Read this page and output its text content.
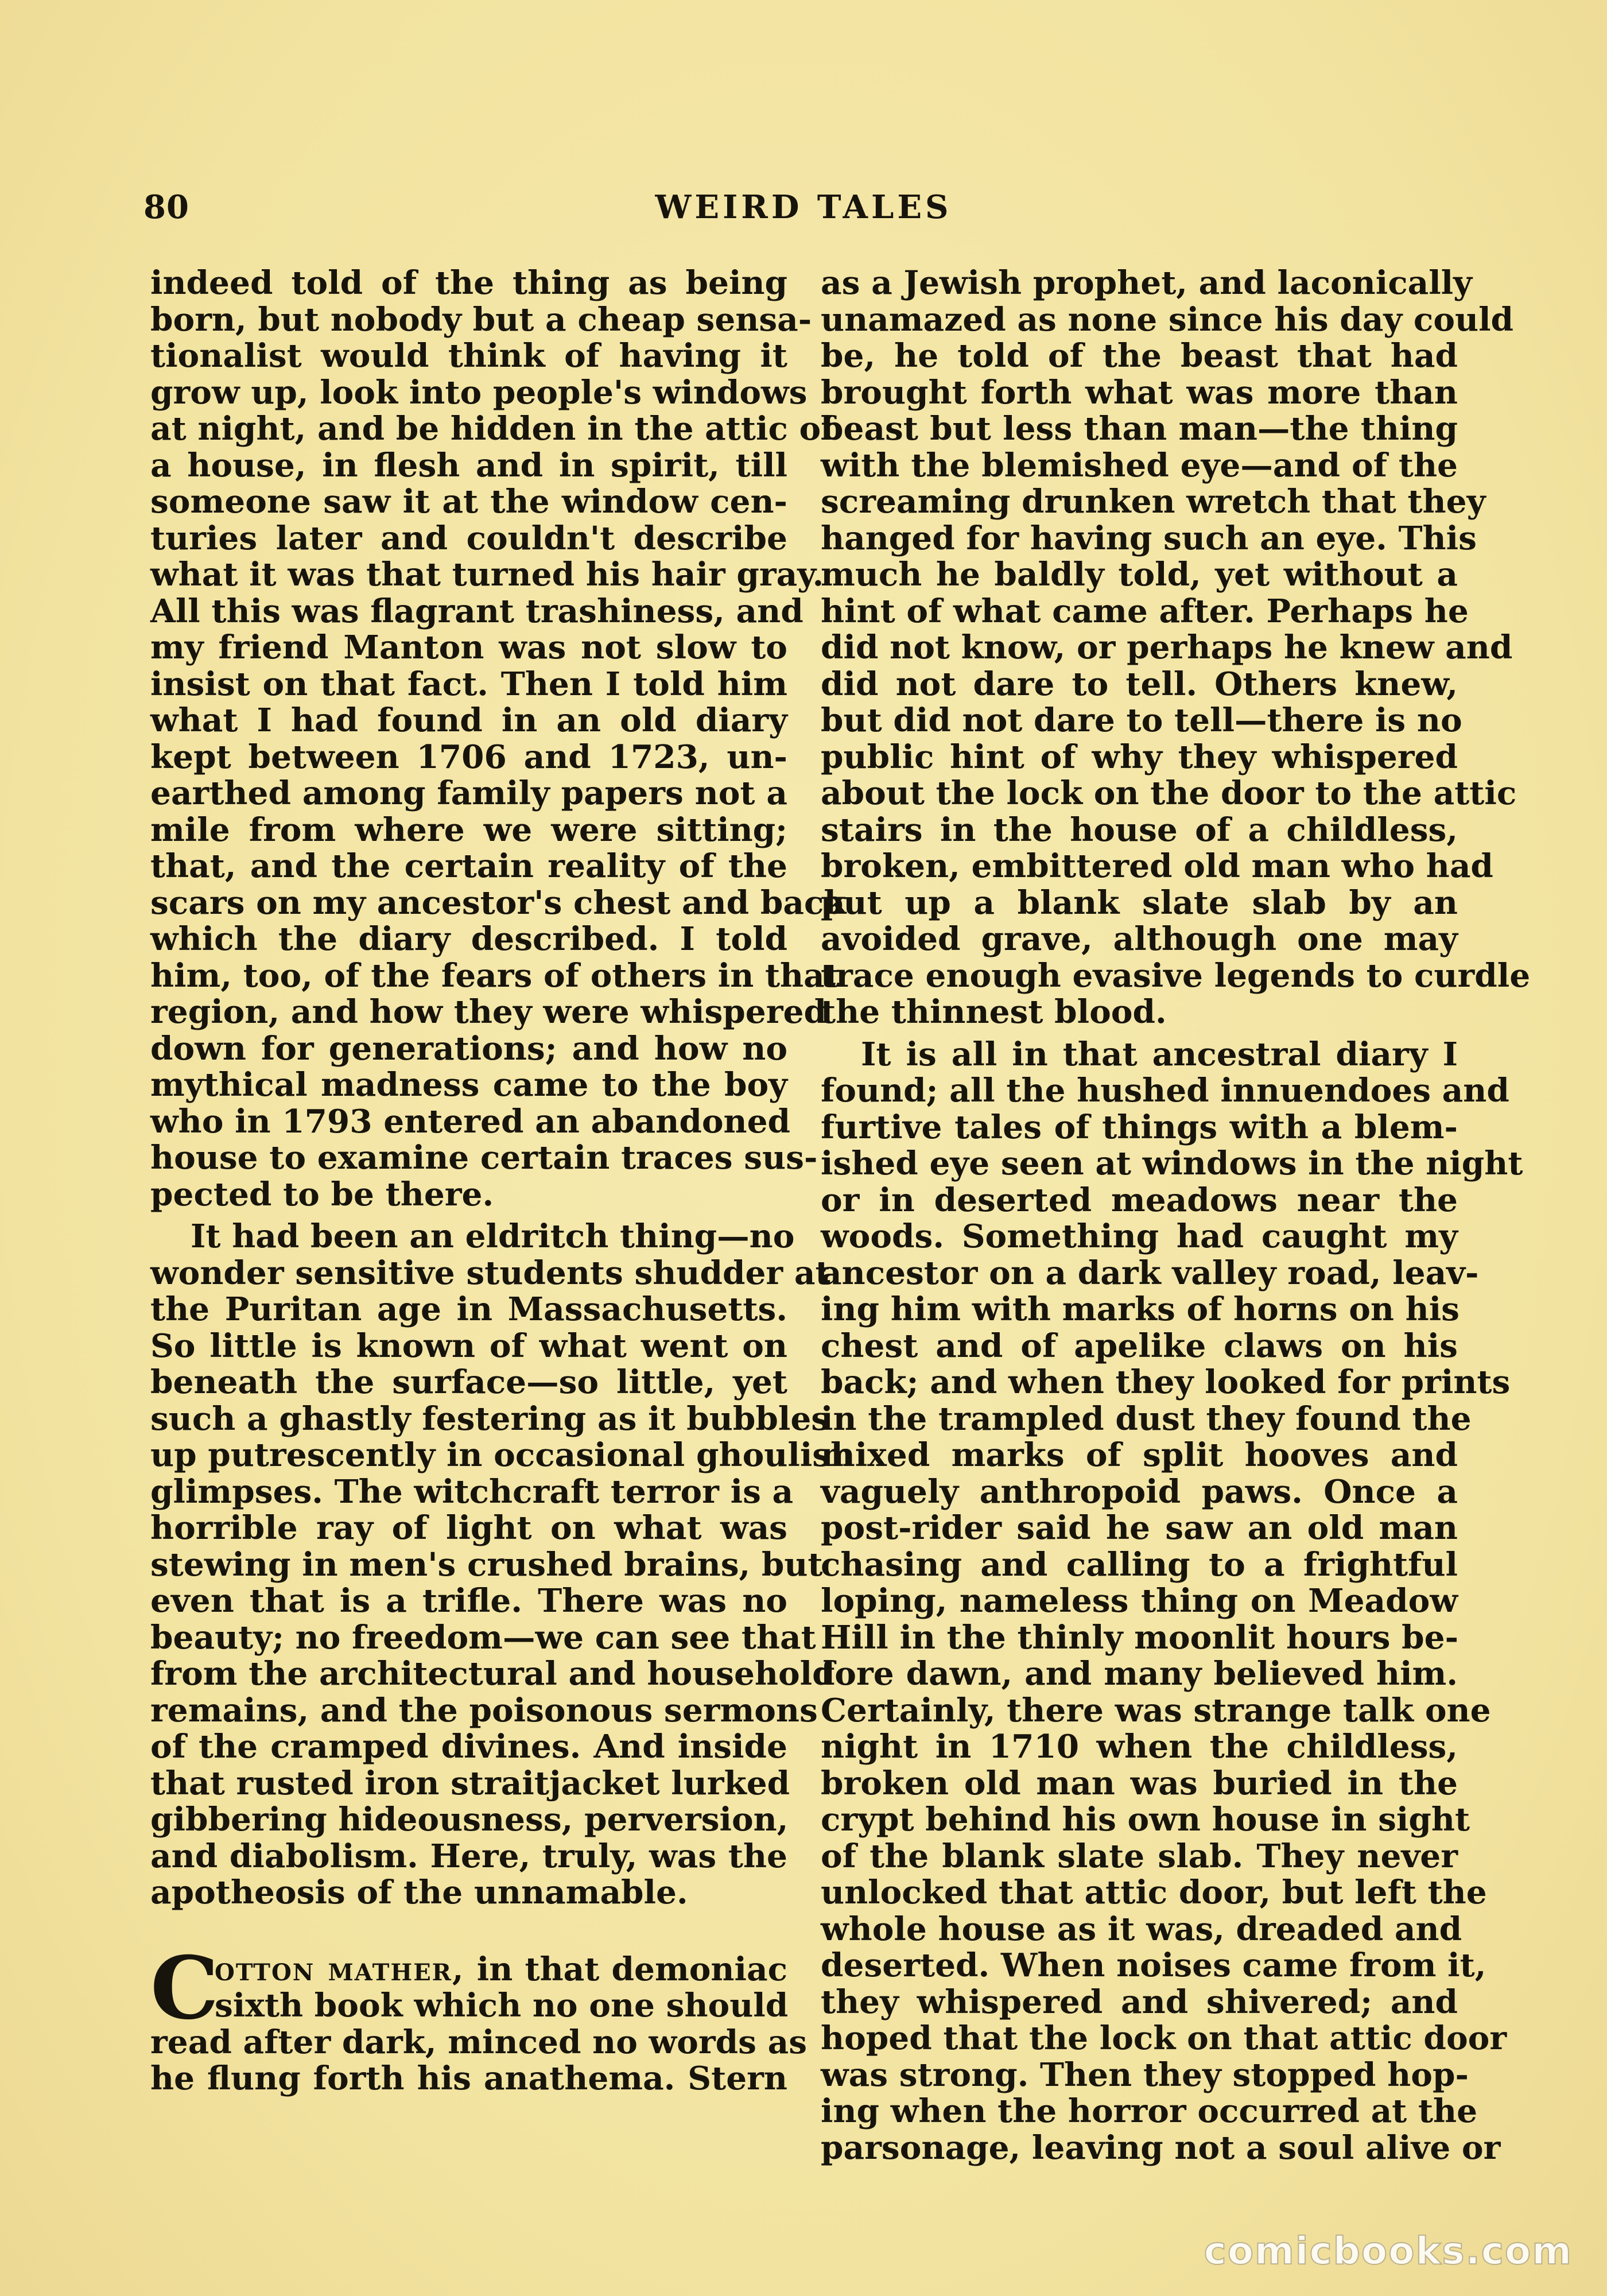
80	WEIRD TALES
indeed told of the thing as being
born, but nobody but a cheap sensa-
tionalist would think of having it
grow up, look into people's windows
at night, and be hidden in the attic of
a house, in flesh and in spirit, till
someone saw it at the window cen-
turies later and couldn't describe
what it was that turned his hair gray.
All this was flagrant trashiness, and
my friend Manton was not slow to
insist on that fact. Then I told him
what I had found in an old diary
kept between 1706 and 1723, un-
earthed among family papers not a
mile from where we were sitting;
that, and the certain reality of the
scars on my ancestor's chest and back
which the diary described. I told
him, too, of the fears of others in that
region, and how they were whispered
down for generations; and how no
mythical madness came to the boy
who in 1793 entered an abandoned
house to examine certain traces sus-
pected to be there.
It had been an eldritch thing—no
wonder sensitive students shudder at
the Puritan age in Massachusetts.
So little is known of what went on
beneath the surface—so little, yet
such a ghastly festering as it bubbles
up putrescently in occasional ghoulish
glimpses. The witchcraft terror is a
horrible ray of light on what was
stewing in men's crushed brains, but
even that is a trifle. There was no
beauty; no freedom—we can see that
from the architectural and household
remains, and the poisonous sermons
of the cramped divines. And inside
that rusted iron straitjacket lurked
gibbering hideousness, perversion,
and diabolism. Here, truly, was the
apotheosis of the unnamable.
C
otton mather, in that demoniac
sixth book which no one should
read after dark, minced no words as
he flung forth his anathema. Stern
as a Jewish prophet, and laconically
unamazed as none since his day could
be, he told of the beast that had
brought forth what was more than
beast but less than man—the thing
with the blemished eye—and of the
screaming drunken wretch that they
hanged for having such an eye. This
much he baldly told, yet without a
hint of what came after. Perhaps he
did not know, or perhaps he knew and
did not dare to tell. Others knew,
but did not dare to tell—there is no
public hint of why they whispered
about the lock on the door to the attic
stairs in the house of a childless,
broken, embittered old man who had
put up a blank slate slab by an
avoided grave, although one may
trace enough evasive legends to curdle
the thinnest blood.
It is all in that ancestral diary I
found; all the hushed innuendoes and
furtive tales of things with a blem-
ished eye seen at windows in the night
or in deserted meadows near the
woods. Something had caught my
ancestor on a dark valley road, leav-
ing him with marks of horns on his
chest and of apelike claws on his
back; and when they looked for prints
in the trampled dust they found the
mixed marks of split hooves and
vaguely anthropoid paws. Once a
post-rider said he saw an old man
chasing and calling to a frightful
loping, nameless thing on Meadow
Hill in the thinly moonlit hours be-
fore dawn, and many believed him.
Certainly, there was strange talk one
night in 1710 when the childless,
broken old man was buried in the
crypt behind his own house in sight
of the blank slate slab. They never
unlocked that attic door, but left the
whole house as it was, dreaded and
deserted. When noises came from it,
they whispered and shivered; and
hoped that the lock on that attic door
was strong. Then they stopped hop-
ing when the horror occurred at the
parsonage, leaving not a soul alive or
comicbooks.com
